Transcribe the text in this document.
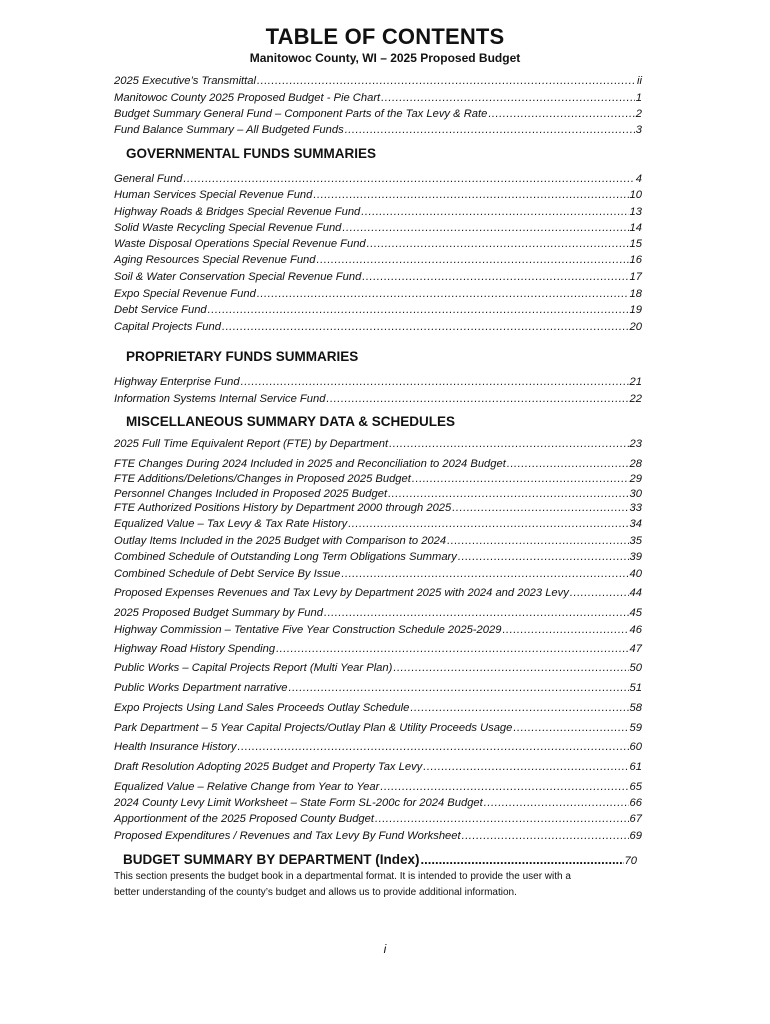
TABLE OF CONTENTS
Manitowoc County, WI – 2025 Proposed Budget
2025 Executive’s Transmittal .....	ii
Manitowoc County 2025 Proposed Budget - Pie Chart .....	1
Budget Summary General Fund – Component Parts of the Tax Levy & Rate .....	2
Fund Balance Summary – All Budgeted Funds .....	3
GOVERNMENTAL FUNDS SUMMARIES
General Fund .....	4
Human Services Special Revenue Fund .....	10
Highway Roads & Bridges Special Revenue Fund .....	13
Solid Waste Recycling Special Revenue Fund .....	14
Waste Disposal Operations Special Revenue Fund .....	15
Aging Resources Special Revenue Fund .....	16
Soil & Water Conservation Special Revenue Fund .....	17
Expo Special Revenue Fund .....	18
Debt Service Fund .....	19
Capital Projects Fund .....	20
PROPRIETARY FUNDS SUMMARIES
Highway Enterprise Fund .....	21
Information Systems Internal Service Fund .....	22
MISCELLANEOUS SUMMARY DATA & SCHEDULES
2025 Full Time Equivalent Report (FTE) by Department .....	23
FTE Changes During 2024 Included in 2025 and Reconciliation to 2024 Budget .....	28
FTE Additions/Deletions/Changes in Proposed 2025 Budget .....	29
Personnel Changes Included in Proposed 2025 Budget .....	30
FTE Authorized Positions History by Department 2000 through 2025 .....	33
Equalized Value – Tax Levy & Tax Rate History .....	34
Outlay Items Included in the 2025 Budget with Comparison to 2024 .....	35
Combined Schedule of Outstanding Long Term Obligations Summary .....	39
Combined Schedule of Debt Service By Issue .....	40
Proposed Expenses Revenues and Tax Levy by Department 2025 with 2024 and 2023 Levy .....	44
2025 Proposed Budget Summary by Fund .....	45
Highway Commission – Tentative Five Year Construction Schedule 2025-2029 .....	46
Highway Road History Spending .....	47
Public Works – Capital Projects Report (Multi Year Plan) .....	50
Public Works Department narrative .....	51
Expo Projects Using Land Sales Proceeds Outlay Schedule .....	58
Park Department – 5 Year Capital Projects/Outlay Plan & Utility Proceeds Usage .....	59
Health Insurance History .....	60
Draft Resolution Adopting 2025 Budget and Property Tax Levy .....	61
Equalized Value – Relative Change from Year to Year .....	65
2024 County Levy Limit Worksheet – State Form SL-200c for 2024 Budget .....	66
Apportionment of the 2025 Proposed County Budget .....	67
Proposed Expenditures / Revenues and Tax Levy By Fund Worksheet .....	69
BUDGET SUMMARY BY DEPARTMENT (Index) .....	70
This section presents the budget book in a departmental format. It is intended to provide the user with a better understanding of the county’s budget and allows us to provide additional information.
i
